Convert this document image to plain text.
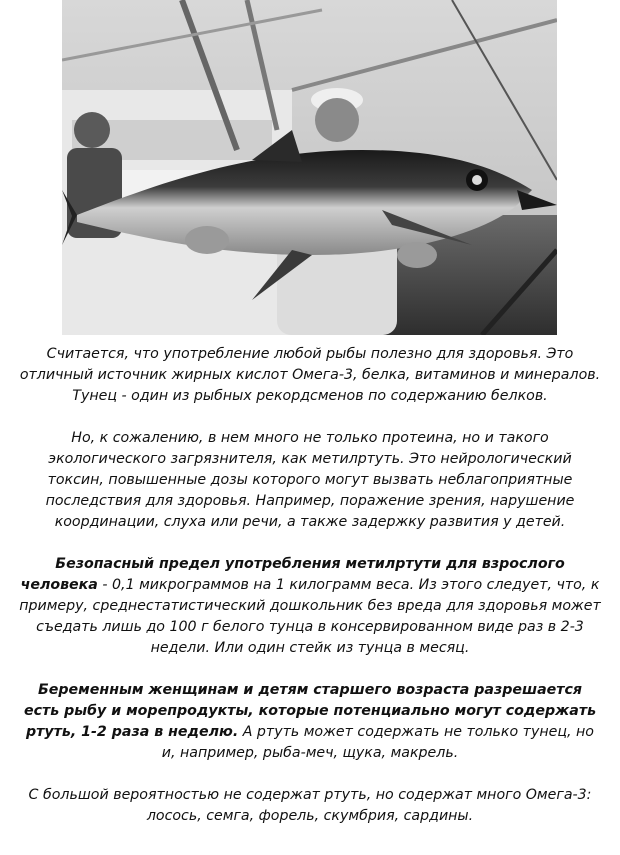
Считается, что употребление любой рыбы полезно для здоровья. Это отличный источник жирных кислот Омега-3, белка, витаминов и минералов. Тунец - один из рыбных рекордсменов по содержанию белков.

Но, к сожалению, в нем много не только протеина, но и такого экологического загрязнителя, как метилртуть. Это нейрологический токсин, повышенные дозы которого могут вызвать неблагоприятные последствия для здоровья. Например, поражение зрения, нарушение координации, слуха или речи, а также задержку развития у детей.

Безопасный предел употребления метилртути для взрослого человека - 0,1 микрограммов на 1 килограмм веса. Из этого следует, что, к примеру, среднестатистический дошкольник без вреда для здоровья может съедать лишь до 100 г белого тунца в консервированном виде раз в 2-3 недели. Или один стейк из тунца в месяц.

Беременным женщинам и детям старшего возраста разрешается есть рыбу и морепродукты, которые потенциально могут содержать ртуть, 1-2 раза в неделю. А ртуть может содержать не только тунец, но и, например, рыба-меч, щука, макрель.

С большой вероятностью не содержат ртуть, но содержат много Омега-3: лосось, семга, форель, скумбрия, сардины.
